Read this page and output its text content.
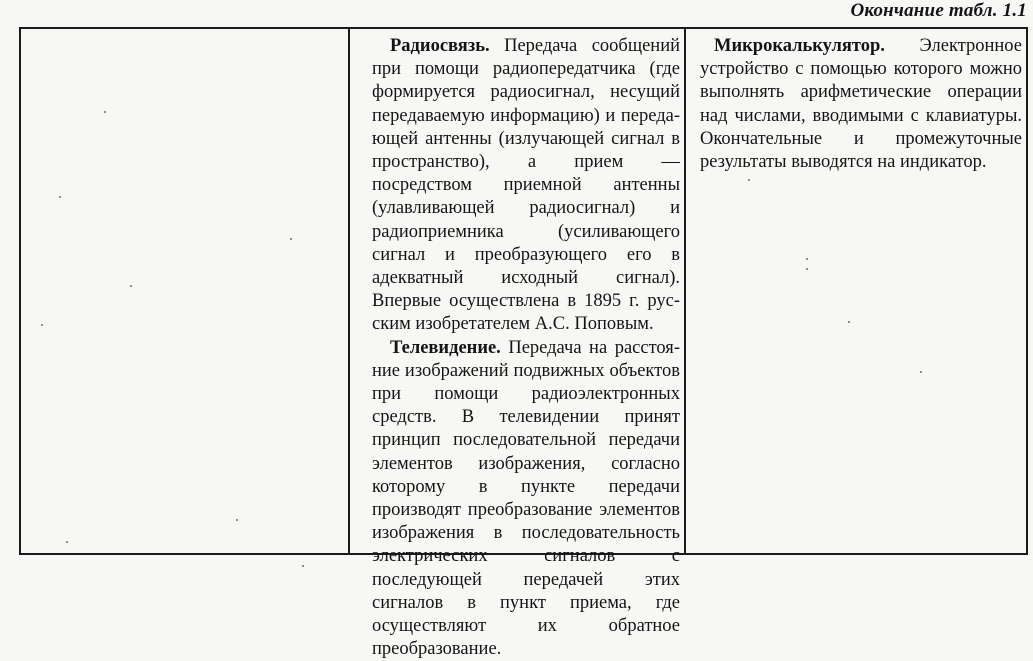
Окончание табл. 1.1

Радиосвязь. Передача сообщений при помощи радиопередатчика (где формируется радиосигнал, несущий передаваемую информацию) и передающей антенны (излучающей сигнал в пространство), а прием — посредством приемной антенны (улавливающей радиосигнал) и радиоприемника (усиливающего сигнал и преобразующего его в адекватный исходный сигнал). Впервые осуществлена в 1895 г. русским изобретателем А.С. Поповым.

Телевидение. Передача на расстояние изображений подвижных объектов при помощи радиоэлектронных средств. В телевидении принят принцип последовательной передачи элементов изображения, согласно которому в пункте передачи производят преобразование элементов изображения в последовательность электрических сигналов с последующей передачей этих сигналов в пункт приема, где осуществляют их обратное преобразование.

Микрокалькулятор. Электронное устройство с помощью которого можно выполнять арифметические операции над числами, вводимыми с клавиатуры. Окончательные и промежуточные результаты выводятся на индикатор.
